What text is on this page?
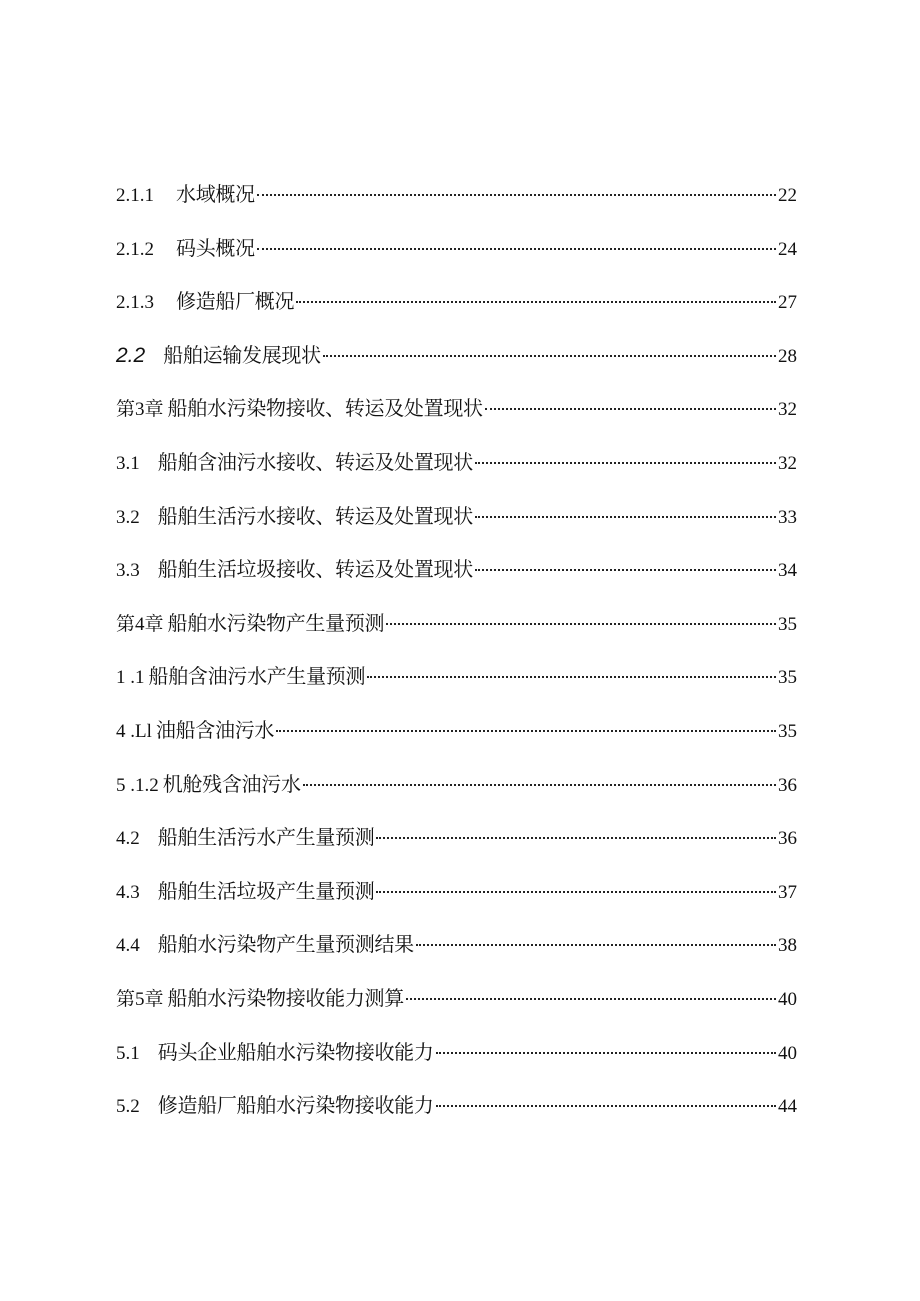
2.1.1 水域概况	22
2.1.2 码头概况	24
2.1.3 修造船厂概况	27
2.2 船舶运输发展现状	28
第3章 船舶水污染物接收、转运及处置现状	32
3.1 船舶含油污水接收、转运及处置现状	32
3.2 船舶生活污水接收、转运及处置现状	33
3.3 船舶生活垃圾接收、转运及处置现状	34
第4章 船舶水污染物产生量预测	35
1 .1 船舶含油污水产生量预测	35
4 .Ll 油船含油污水	35
5 .1.2 机舱残含油污水	36
4.2 船舶生活污水产生量预测	36
4.3 船舶生活垃圾产生量预测	37
4.4 船舶水污染物产生量预测结果	38
第5章 船舶水污染物接收能力测算	40
5.1 码头企业船舶水污染物接收能力	40
5.2 修造船厂船舶水污染物接收能力	44
